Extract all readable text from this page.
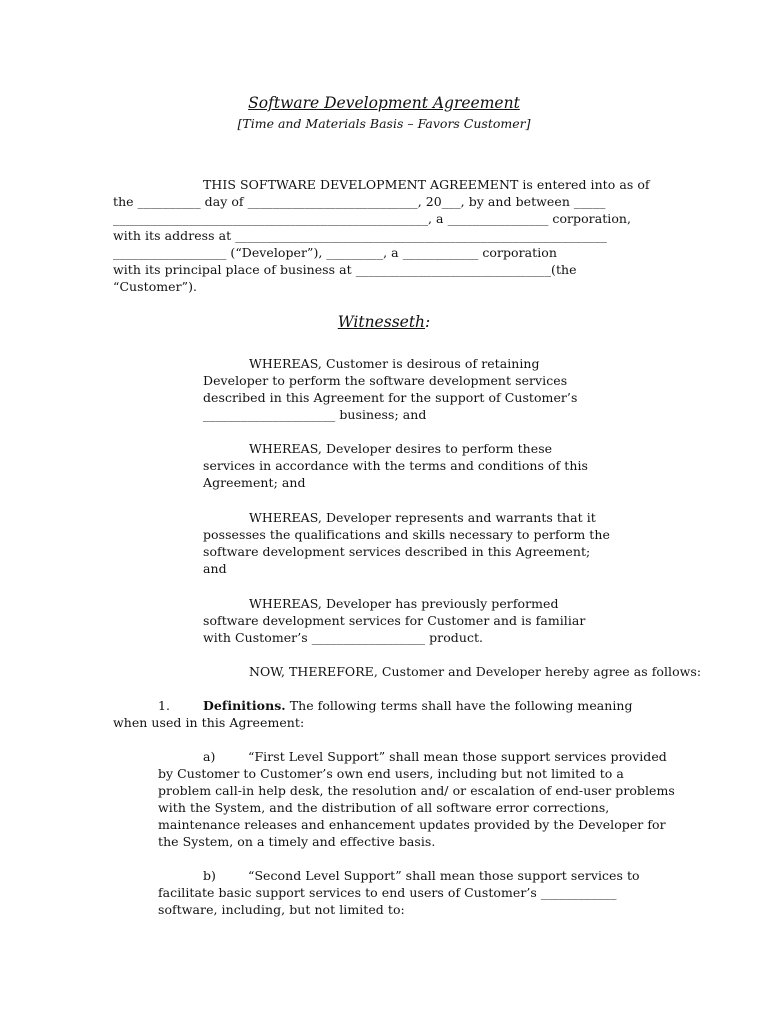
Software Development Agreement
[Time and Materials Basis – Favors Customer]
THIS SOFTWARE DEVELOPMENT AGREEMENT is entered into as of
the __________ day of ___________________________, 20___, by and between _____
__________________________________________________, a ________________ corporation,
with its address at ___________________________________________________________
__________________ (“Developer”), _________, a ____________ corporation
with its principal place of business at _______________________________(the
“Customer”).
Witnesseth:
WHEREAS, Customer is desirous of retaining
Developer to perform the software development services
described in this Agreement for the support of Customer’s
_____________________ business; and
WHEREAS, Developer desires to perform these
services in accordance with the terms and conditions of this
Agreement; and
WHEREAS, Developer represents and warrants that it
possesses the qualifications and skills necessary to perform the
software development services described in this Agreement;
and
WHEREAS, Developer has previously performed
software development services for Customer and is familiar
with Customer’s __________________ product.
NOW, THEREFORE, Customer and Developer hereby agree as follows:
1.	Definitions. The following terms shall have the following meaning
when used in this Agreement:
a)	“First Level Support” shall mean those support services provided
by Customer to Customer’s own end users, including but not limited to a
problem call-in help desk, the resolution and/ or escalation of end-user problems
with the System, and the distribution of all software error corrections,
maintenance releases and enhancement updates provided by the Developer for
the System, on a timely and effective basis.
b)	“Second Level Support” shall mean those support services to
facilitate basic support services to end users of Customer’s ____________
software, including, but not limited to:
